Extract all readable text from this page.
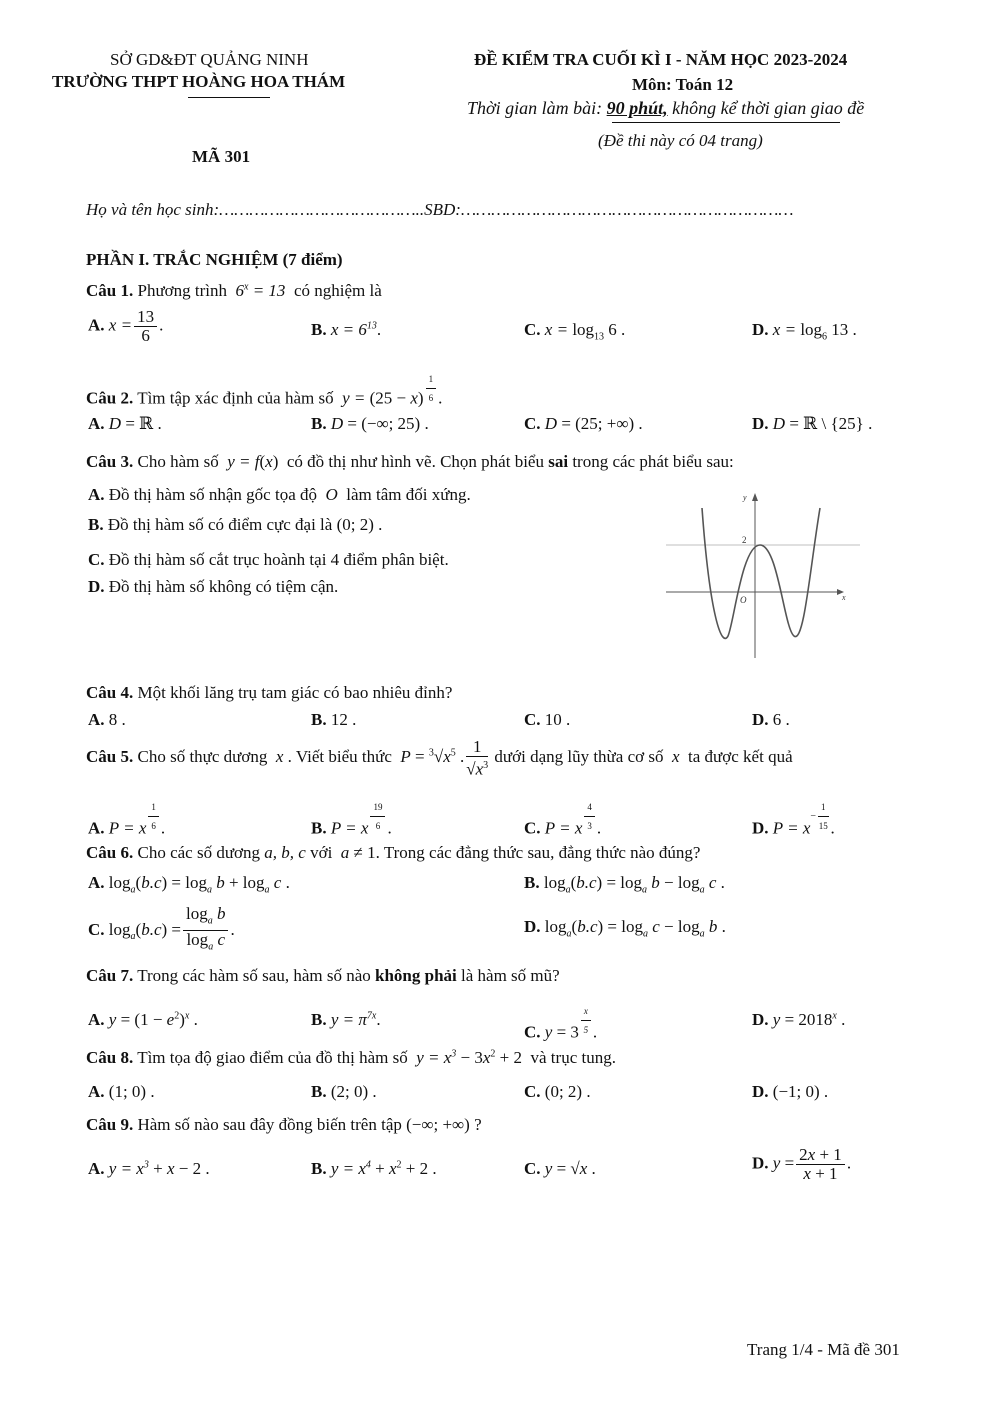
SỞ GD&ĐT QUẢNG NINH
TRƯỜNG THPT HOÀNG HOA THÁM
ĐỀ KIỂM TRA CUỐI KÌ I - NĂM HỌC 2023-2024
Môn: Toán 12
Thời gian làm bài: 90 phút, không kể thời gian giao đề
(Đề thi này có 04 trang)
MÃ 301
Họ và tên học sinh:…………………………………..SBD:…………………………………………………………
PHẦN I. TRẮC NGHIỆM (7 điểm)
Câu 1. Phương trình  $6^x = 13$  có nghiệm là
A. $x = \frac{13}{6}$ .	B. $x = 6^{13}$.	C. $x = \log_{13} 6$ .	D. $x = \log_6 13$ .
Câu 2. Tìm tập xác định của hàm số  y = (25 − x) $^{\frac{1}{6}}$ .
A. D = ℝ .	B. D = (−∞; 25) .	C. D = (25; +∞) .	D. D = ℝ \ {25} .
Câu 3. Cho hàm số  y = f(x)  có đồ thị như hình vẽ. Chọn phát biểu sai trong các phát biểu sau:
A. Đồ thị hàm số nhận gốc tọa độ  O  làm tâm đối xứng.
B. Đồ thị hàm số có điểm cực đại là (0; 2) .
C. Đồ thị hàm số cắt trục hoành tại 4 điểm phân biệt.
D. Đồ thị hàm số không có tiệm cận.
y
x
O
2
Câu 4. Một khối lăng trụ tam giác có bao nhiêu đỉnh?
A. 8 .	B. 12 .	C. 10 .	D. 6 .
Câu 5. Cho số thực dương  x . Viết biểu thức  $P = ^3√x^5$ . $\frac{1}{√x^3}$ dưới dạng lũy thừa cơ số  x  ta được kết quả
A. P = x $^{\frac{1}{6}}$ .	B. P = x $^{\frac{19}{6}}$ .	C. P = x $^{\frac{4}{3}}$ .	D. $P = x^{- \frac{1}{15}}$ .
Câu 6. Cho các số dương a, b, c với  a ≠ 1. Trong các đẳng thức sau, đẳng thức nào đúng?
A. $\log_a(b.c) = \log_a b + \log_a c$ .	B. $\log_a(b.c) = \log_a b - \log_a c$ .
C. $\log_a(b.c) = \frac{\log_a b}{\log_a c}$ .	D. $\log_a(b.c) = \log_a c - \log_a b$ .
Câu 7. Trong các hàm số sau, hàm số nào không phải là hàm số mũ?
A. $y = (1 - e^2)^x$ .	B. $y = \pi^{7x}$.
C. y = 3 $^{\frac{x}{5}}$ .
D. $y = 2018^x$ .
Câu 8. Tìm tọa độ giao điểm của đồ thị hàm số  $y = x^3 - 3x^2 + 2$  và trục tung.
A. (1; 0) .	B. (2; 0) .	C. (0; 2) .	D. (−1; 0) .
Câu 9. Hàm số nào sau đây đồng biến trên tập (−∞; +∞) ?
A. $y = x^3 + x - 2$ .	B. $y = x^4 + x^2 + 2$ .	C. y = √x .	D. $y = \frac{2x + 1}{x + 1}$ .
Trang 1/4 - Mã đề 301
